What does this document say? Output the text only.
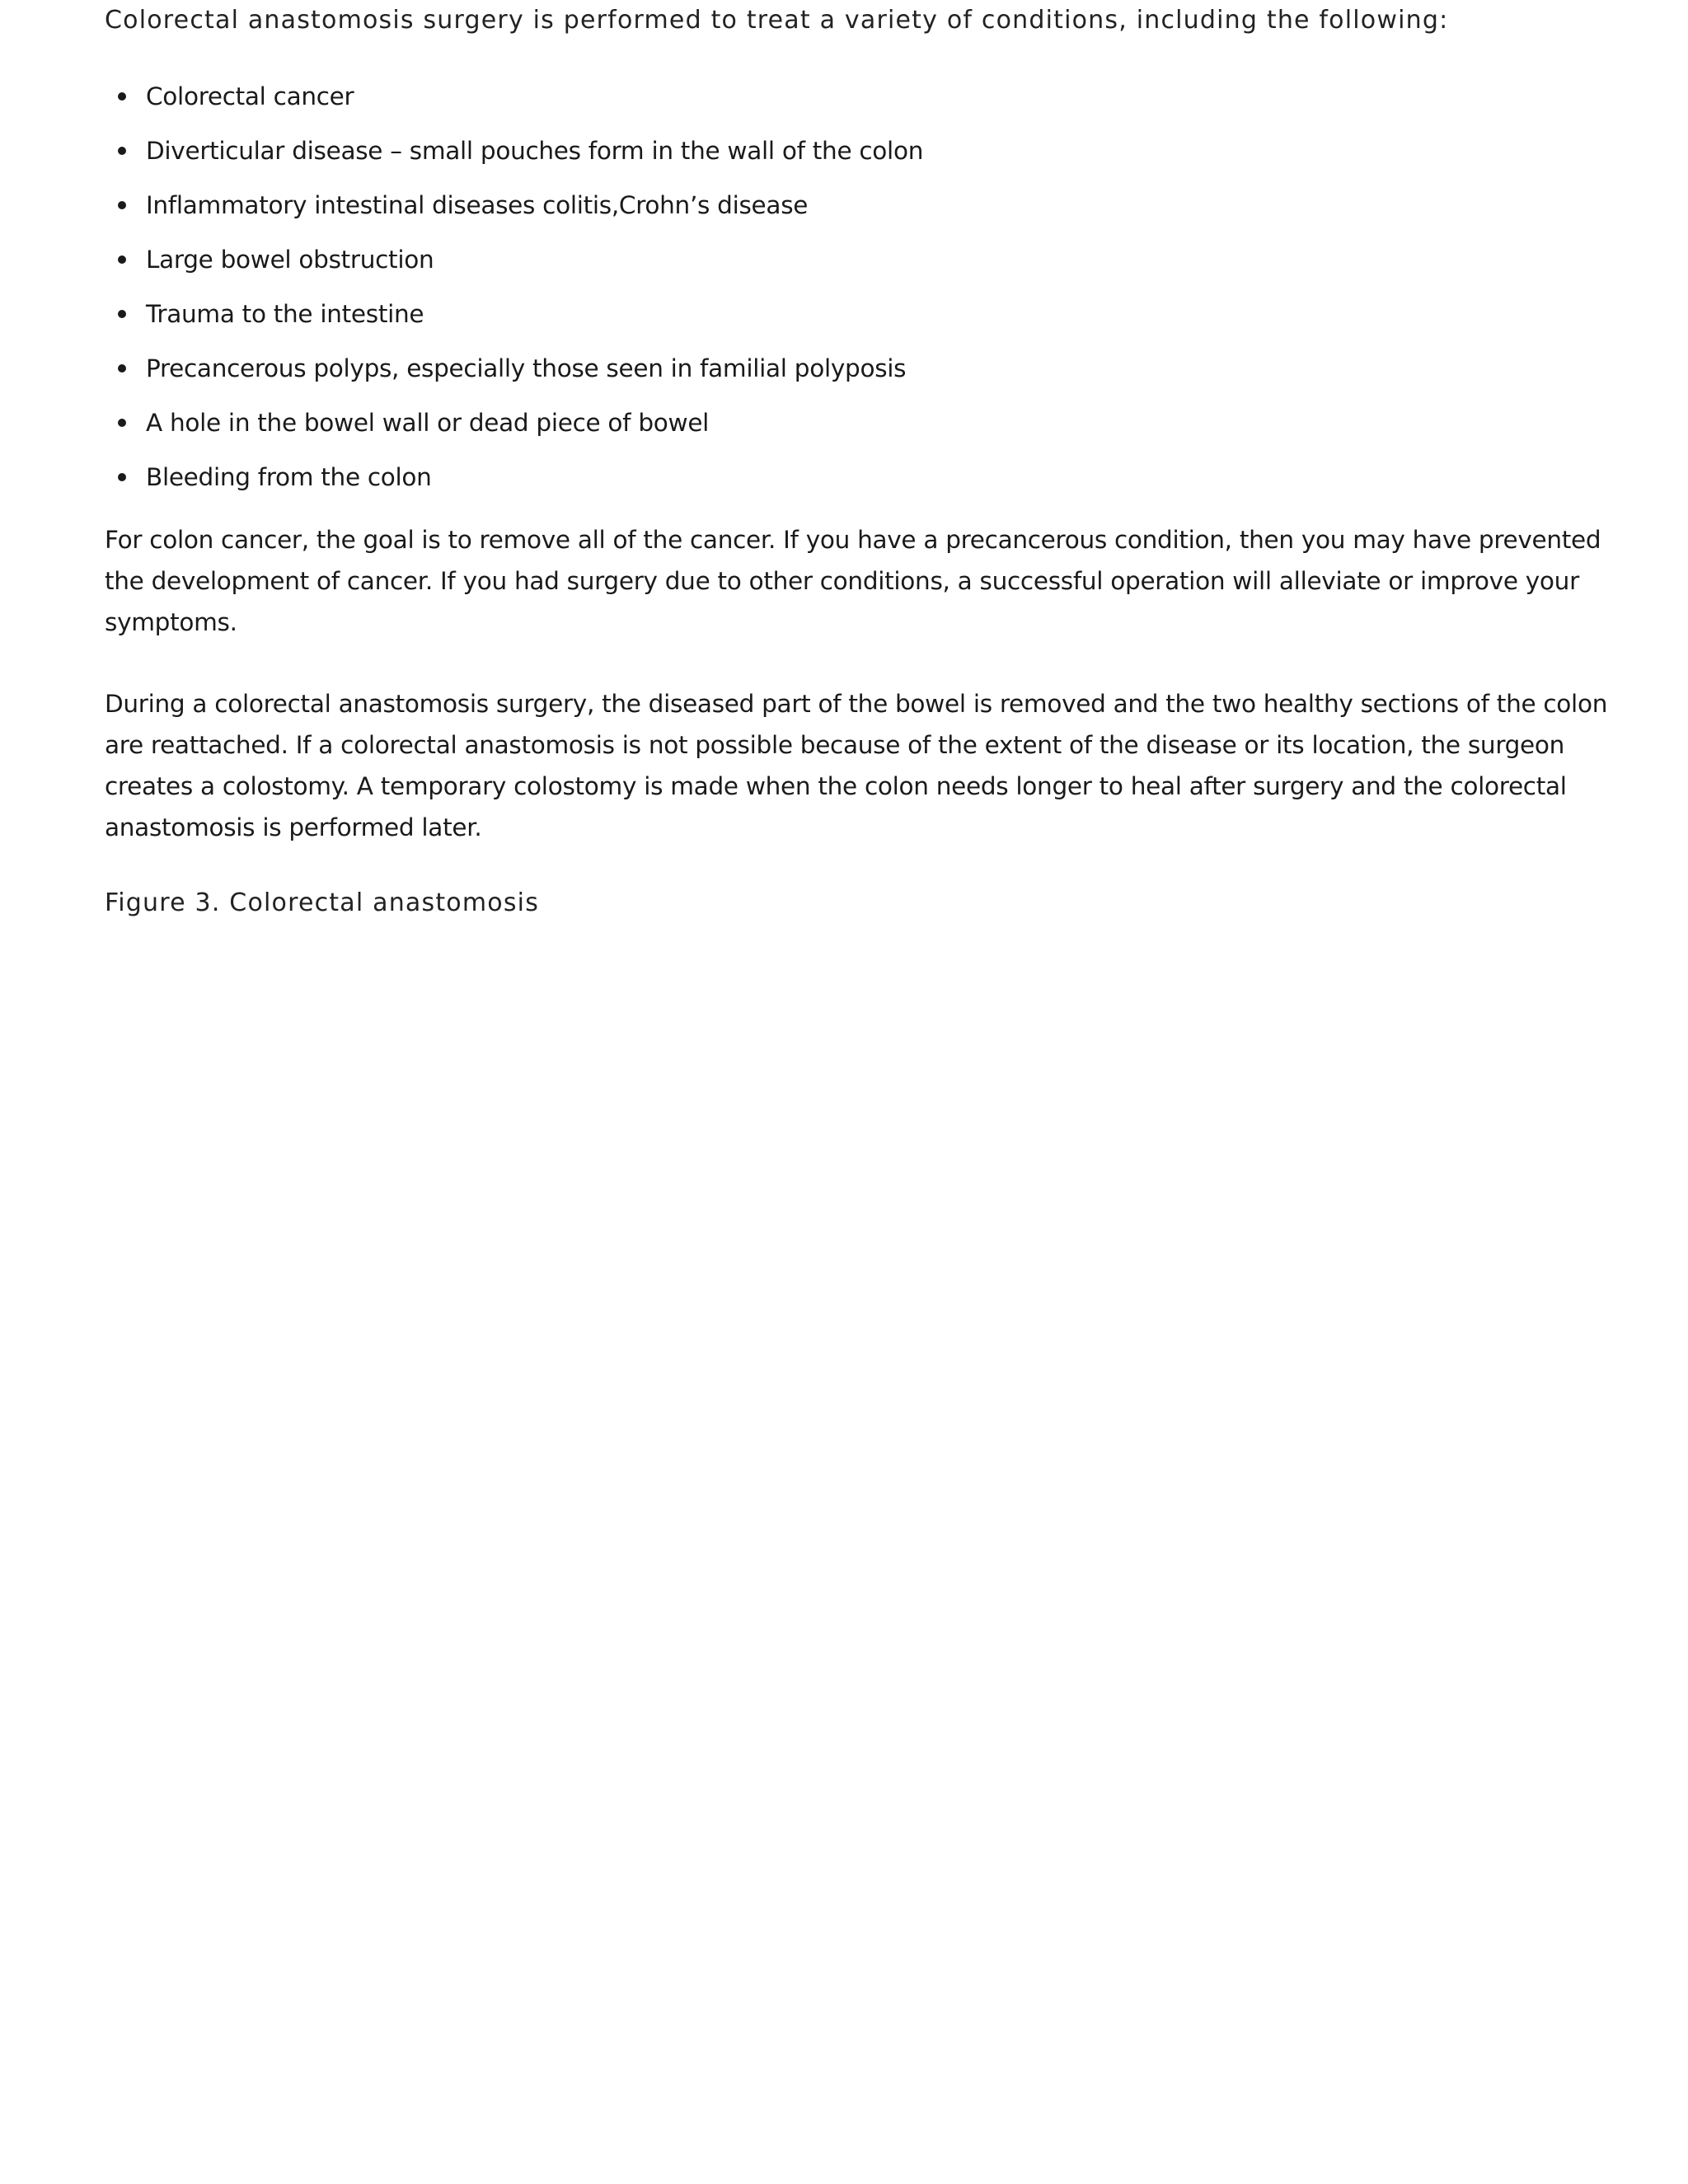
Colorectal anastomosis surgery is performed to treat a variety of conditions, including the following:

Colorectal cancer
Diverticular disease – small pouches form in the wall of the colon
Inflammatory intestinal diseases colitis,Crohn’s disease
Large bowel obstruction
Trauma to the intestine
Precancerous polyps, especially those seen in familial polyposis
A hole in the bowel wall or dead piece of bowel
Bleeding from the colon

For colon cancer, the goal is to remove all of the cancer. If you have a precancerous condition, then you may have prevented the development of cancer. If you had surgery due to other conditions, a successful operation will alleviate or improve your symptoms.

During a colorectal anastomosis surgery, the diseased part of the bowel is removed and the two healthy sections of the colon are reattached. If a colorectal anastomosis is not possible because of the extent of the disease or its location, the surgeon creates a colostomy. A temporary colostomy is made when the colon needs longer to heal after surgery and the colorectal anastomosis is performed later.

Figure 3. Colorectal anastomosis
